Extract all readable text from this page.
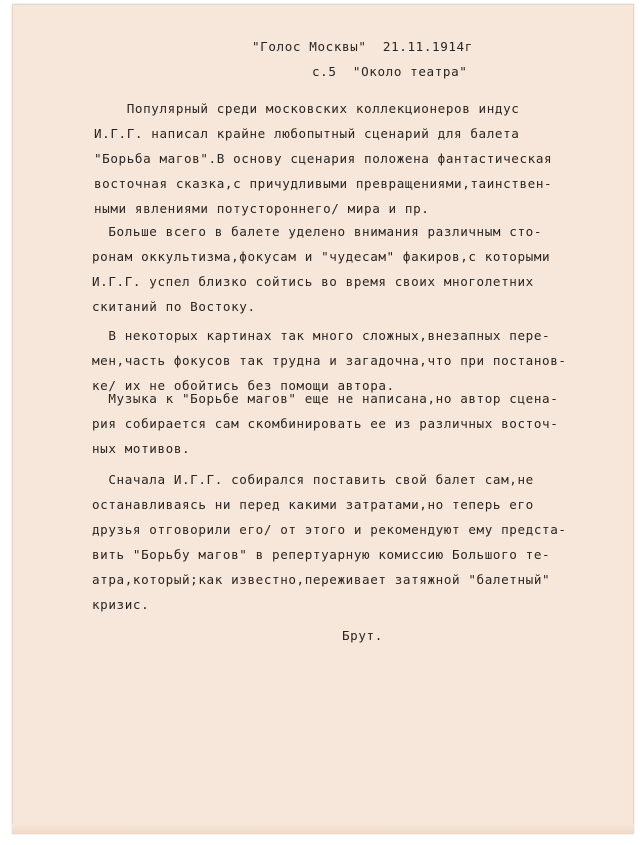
"Голос Москвы"  21.11.1914г
с.5  "Около театра"
Популярный среди московских коллекционеров индус
И.Г.Г. написал крайне любопытный сценарий для балета
"Борьба магов".В основу сценария положена фантастическая
восточная сказка,с причудливыми превращениями,таинствен-
ными явлениями потустороннего/ мира и пр.
Больше всего в балете уделено внимания различным сто-
ронам оккультизма,фокусам и "чудесам" факиров,с которыми
И.Г.Г. успел близко сойтись во время своих многолетних
скитаний по Востоку.
В некоторых картинах так много сложных,внезапных пере-
мен,часть фокусов так трудна и загадочна,что при постанов-
ке/ их не обойтись без помощи автора.
Музыка к "Борьбе магов" еще не написана,но автор сцена-
рия собирается сам скомбинировать ее из различных восточ-
ных мотивов.
Сначала И.Г.Г. собирался поставить свой балет сам,не
останавливаясь ни перед какими затратами,но теперь его
друзья отговорили его/ от этого и рекомендуют ему предста-
вить "Борьбу магов" в репертуарную комиссию Большого те-
атра,который;как известно,переживает затяжной "балетный"
кризис.
Брут.
